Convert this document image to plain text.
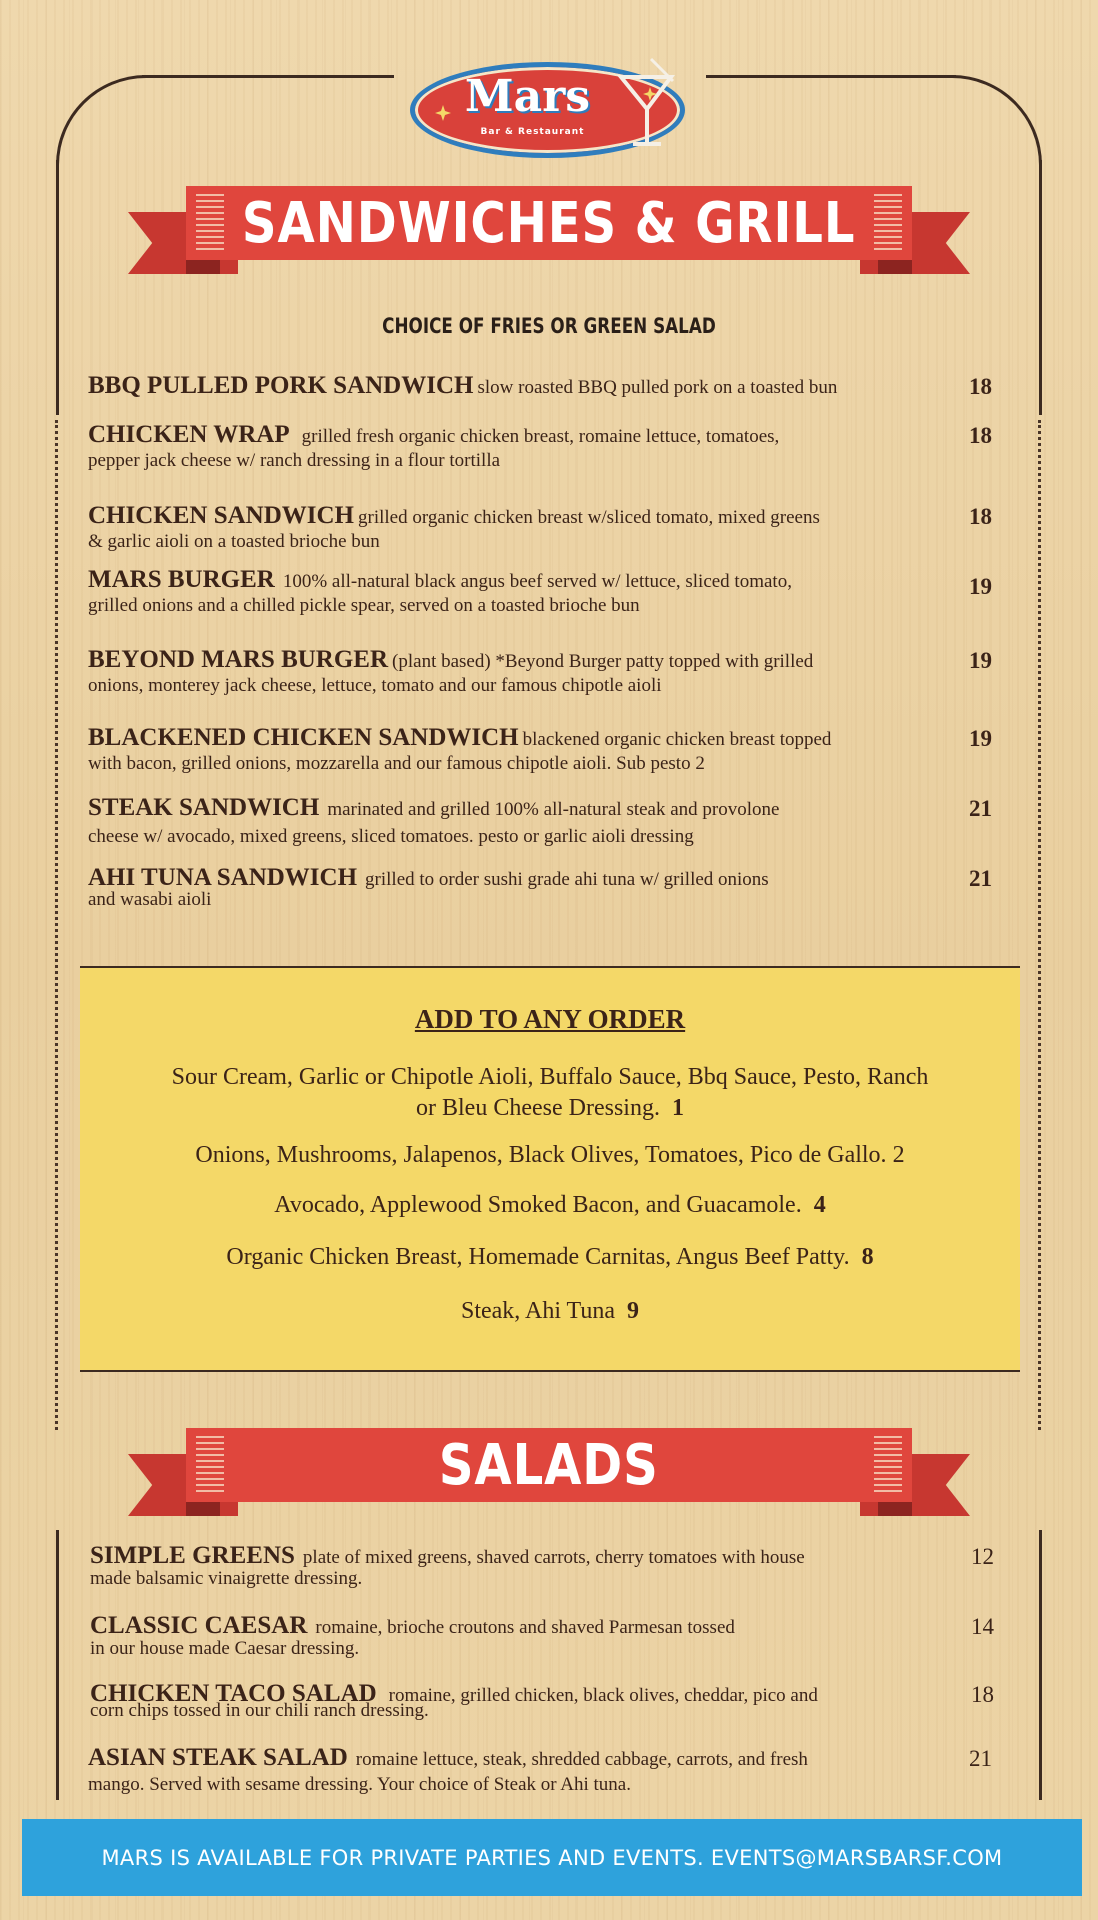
Mars
Bar & Restaurant
SANDWICHES & GRILL
CHOICE OF FRIES OR GREEN SALAD
BBQ PULLED PORK SANDWICH slow roasted BBQ pulled pork on a toasted bun	18
CHICKEN WRAP grilled fresh organic chicken breast, romaine lettuce, tomatoes,
pepper jack cheese w/ ranch dressing in a flour tortilla
18
CHICKEN SANDWICH grilled organic chicken breast w/sliced tomato, mixed greens
& garlic aioli on a toasted brioche bun
18
MARS BURGER 100% all-natural black angus beef served w/ lettuce, sliced tomato,
grilled onions and a chilled pickle spear, served on a toasted brioche bun
19
BEYOND MARS BURGER (plant based) *Beyond Burger patty topped with grilled
onions, monterey jack cheese, lettuce, tomato and our famous chipotle aioli
19
BLACKENED CHICKEN SANDWICH blackened organic chicken breast topped
with bacon, grilled onions, mozzarella and our famous chipotle aioli. Sub pesto 2
19
STEAK SANDWICH marinated and grilled 100% all-natural steak and provolone
cheese w/ avocado, mixed greens, sliced tomatoes. pesto or garlic aioli dressing
21
AHI TUNA SANDWICH grilled to order sushi grade ahi tuna w/ grilled onions
and wasabi aioli
21
ADD TO ANY ORDER
Sour Cream, Garlic or Chipotle Aioli, Buffalo Sauce, Bbq Sauce, Pesto, Ranch or Bleu Cheese Dressing. 1
Onions, Mushrooms, Jalapenos, Black Olives, Tomatoes, Pico de Gallo. 2
Avocado, Applewood Smoked Bacon, and Guacamole. 4
Organic Chicken Breast, Homemade Carnitas, Angus Beef Patty. 8
Steak, Ahi Tuna 9
SALADS
SIMPLE GREENS plate of mixed greens, shaved carrots, cherry tomatoes with house
made balsamic vinaigrette dressing.
12
CLASSIC CAESAR romaine, brioche croutons and shaved Parmesan tossed
in our house made Caesar dressing.
14
CHICKEN TACO SALAD romaine, grilled chicken, black olives, cheddar, pico and
corn chips tossed in our chili ranch dressing.
18
ASIAN STEAK SALAD romaine lettuce, steak, shredded cabbage, carrots, and fresh
mango. Served with sesame dressing. Your choice of Steak or Ahi tuna.
21
MARS IS AVAILABLE FOR PRIVATE PARTIES AND EVENTS. EVENTS@MARSBARSF.COM
